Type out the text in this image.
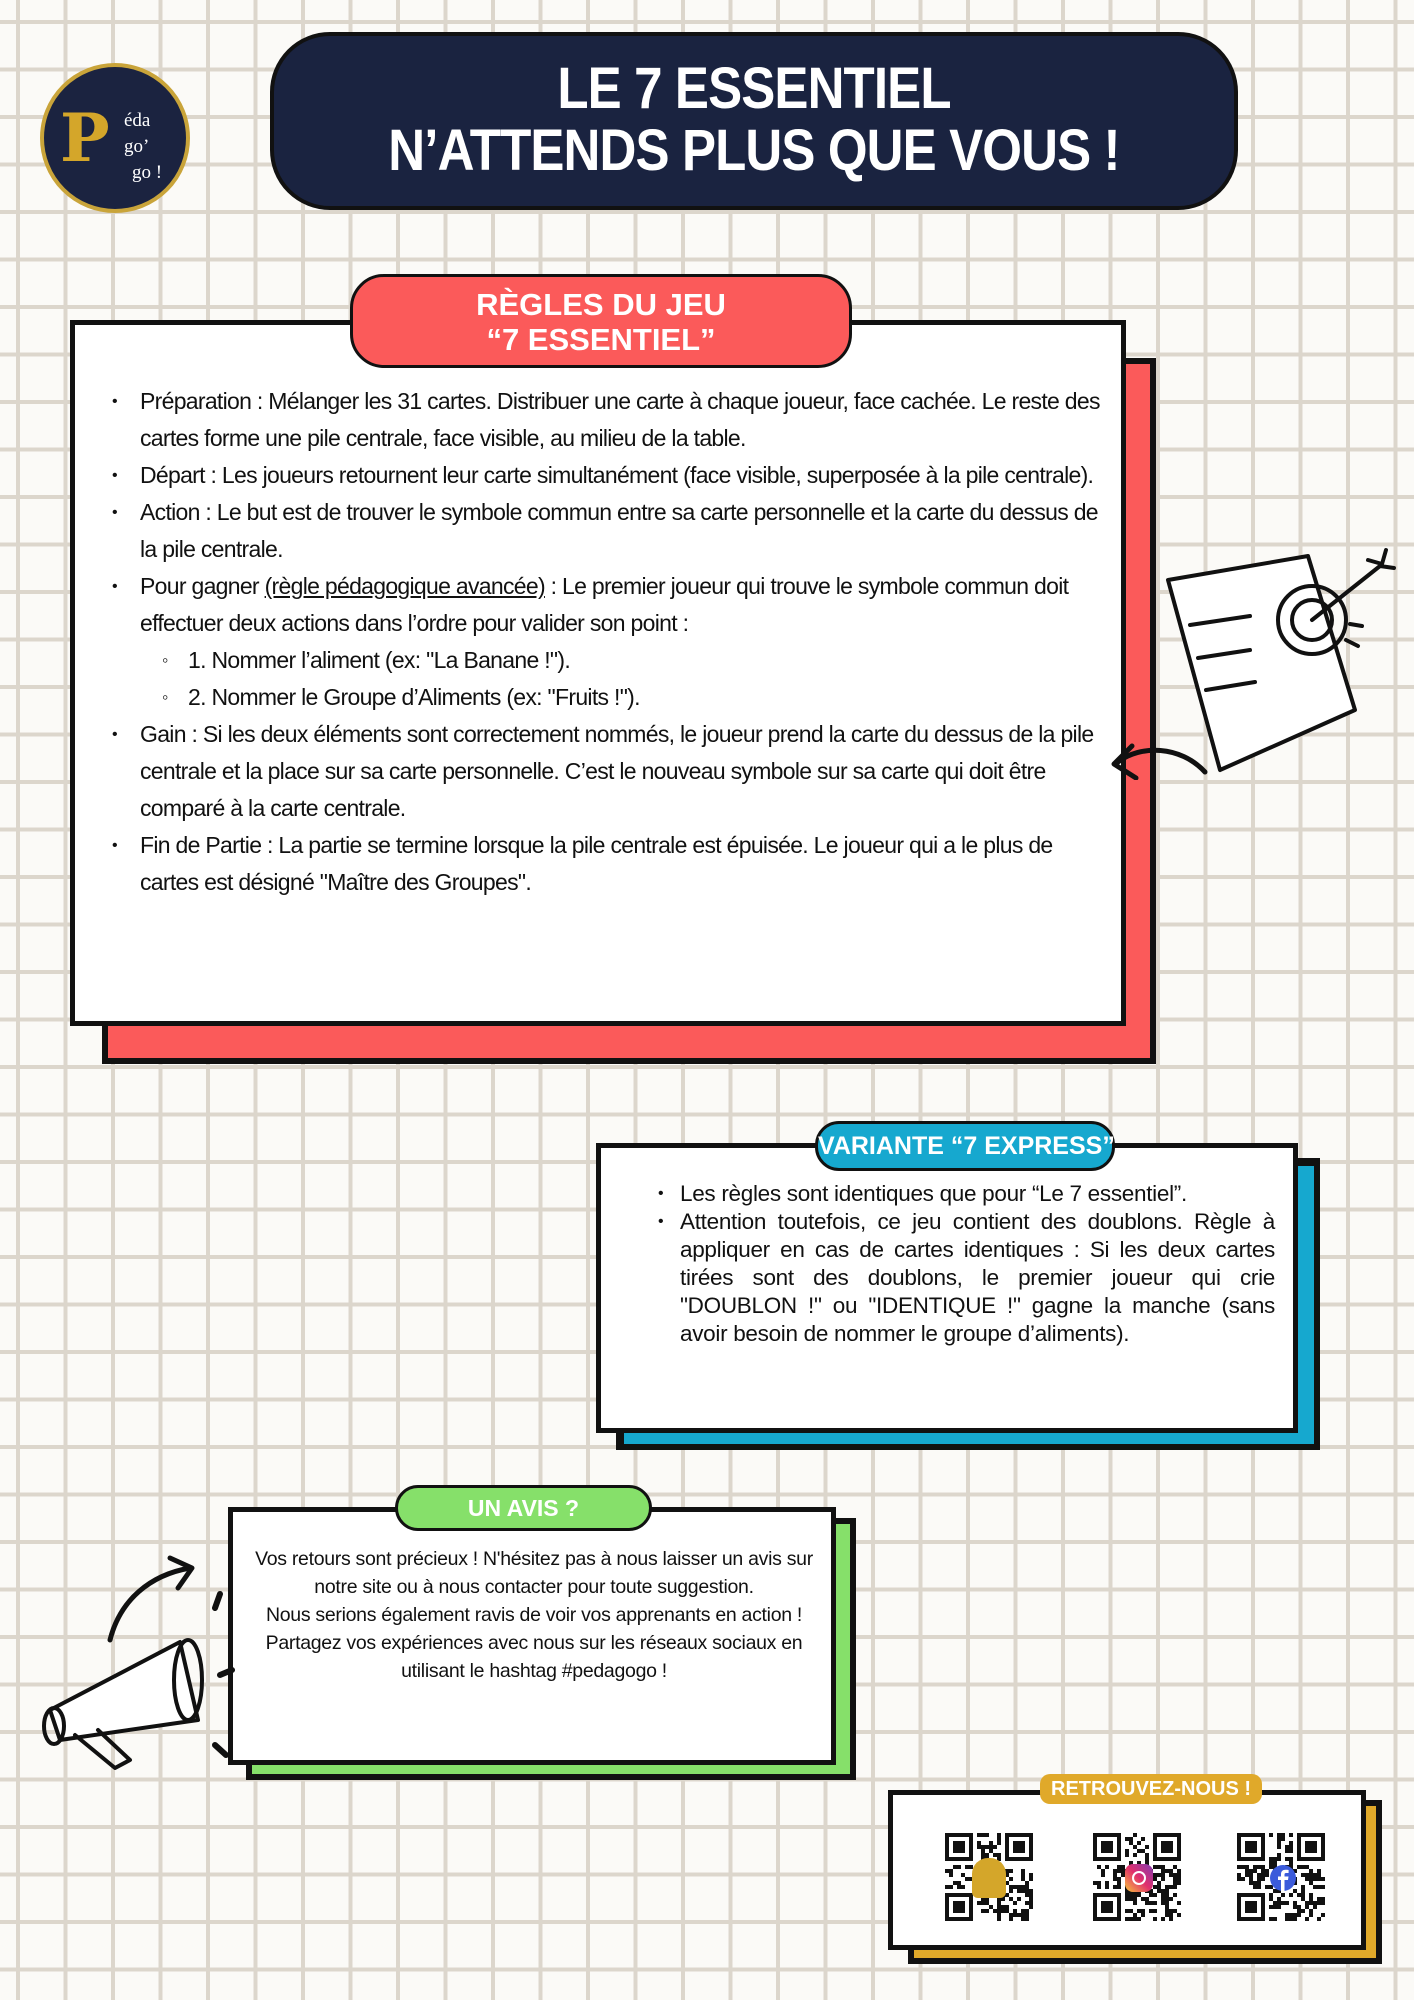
P éda
go’
go !
LE 7 ESSENTIEL
N’ATTENDS PLUS QUE VOUS !
RÈGLES DU JEU
“7 ESSENTIEL”
• Préparation : Mélanger les 31 cartes. Distribuer une carte à chaque joueur, face cachée. Le reste des cartes forme une pile centrale, face visible, au milieu de la table.
• Départ : Les joueurs retournent leur carte simultanément (face visible, superposée à la pile centrale).
• Action : Le but est de trouver le symbole commun entre sa carte personnelle et la carte du dessus de la pile centrale.
• Pour gagner (règle pédagogique avancée) : Le premier joueur qui trouve le symbole commun doit effectuer deux actions dans l’ordre pour valider son point :
◦ 1. Nommer l’aliment (ex: "La Banane !").
◦ 2. Nommer le Groupe d’Aliments (ex: "Fruits !").
• Gain : Si les deux éléments sont correctement nommés, le joueur prend la carte du dessus de la pile centrale et la place sur sa carte personnelle. C’est le nouveau symbole sur sa carte qui doit être comparé à la carte centrale.
• Fin de Partie : La partie se termine lorsque la pile centrale est épuisée. Le joueur qui a le plus de cartes est désigné "Maître des Groupes".
VARIANTE “7 EXPRESS”
• Les règles sont identiques que pour “Le 7 essentiel”.
• Attention toutefois, ce jeu contient des doublons. Règle à appliquer en cas de cartes identiques : Si les deux cartes tirées sont des doublons, le premier joueur qui crie "DOUBLON !" ou "IDENTIQUE !" gagne la manche (sans avoir besoin de nommer le groupe d’aliments).
UN AVIS ?
Vos retours sont précieux ! N'hésitez pas à nous laisser un avis sur notre site ou à nous contacter pour toute suggestion.
Nous serions également ravis de voir vos apprenants en action ! Partagez vos expériences avec nous sur les réseaux sociaux en utilisant le hashtag #pedagogo !
RETROUVEZ-NOUS !
